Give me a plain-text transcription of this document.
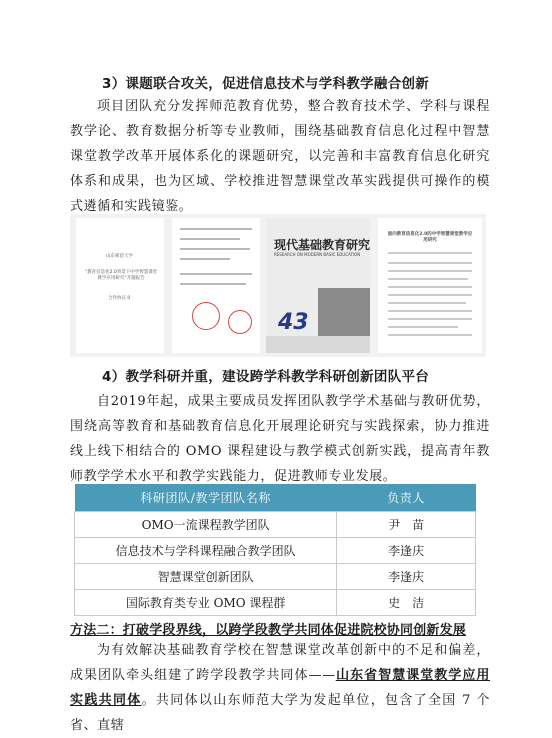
3）课题联合攻关，促进信息技术与学科教学融合创新
项目团队充分发挥师范教育优势，整合教育技术学、学科与课程教学论、教育数据分析等专业教师，围绕基础教育信息化过程中智慧课堂教学改革开展体系化的课题研究，以完善和丰富教育信息化研究体系和成果，也为区域、学校推进智慧课堂改革实践提供可操作的模式遴循和实践镜鉴。
山东师范大学
“教育信息化2.0背景下中学智慧课堂教学应用研究”开题报告
合作协议书
现代基础教育研究
RESEARCH ON MODERN BASIC EDUCATION
43
面向教育信息化2.0的中学智慧课堂教学应用研究
4）教学科研并重，建设跨学科教学科研创新团队平台
自2019年起，成果主要成员发挥团队教学学术基础与教研优势，围绕高等教育和基础教育信息化开展理论研究与实践探索，协力推进线上线下相结合的 OMO 课程建设与教学模式创新实践，提高青年教师教学学术水平和教学实践能力，促进教师专业发展。
科研团队/教学团队名称	负责人
OMO一流课程教学团队	尹　苗
信息技术与学科课程融合教学团队	李逢庆
智慧课堂创新团队	李逢庆
国际教育类专业 OMO 课程群	史　洁
方法二：打破学段界线，以跨学段教学共同体促进院校协同创新发展
为有效解决基础教育学校在智慧课堂改革创新中的不足和偏差，成果团队牵头组建了跨学段教学共同体——山东省智慧课堂教学应用实践共同体。共同体以山东师范大学为发起单位，包含了全国 7 个省、直辖
